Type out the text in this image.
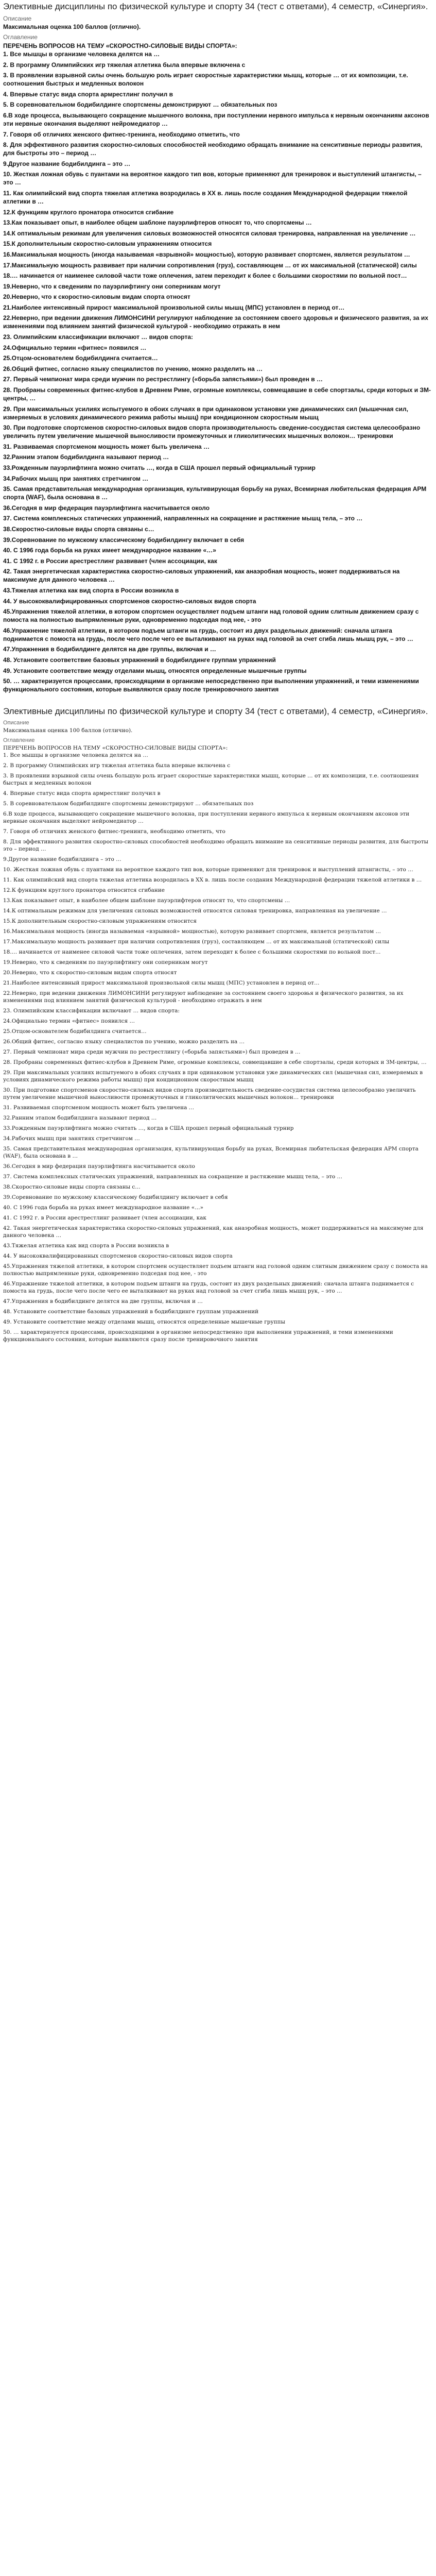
Элективные дисциплины по физической культуре и спорту 34 (тест с ответами), 4 семестр, «Синергия».
Описание
Максимальная оценка 100 баллов (отлично).
Оглавление
ПЕРЕЧЕНЬ ВОПРОСОВ НА ТЕМУ «СКОРОСТНО-СИЛОВЫЕ ВИДЫ СПОРТА»:
1. Все мышцы в организме человека делятся на …
2. В программу Олимпийских игр тяжелая атлетика была впервые включена с
3. В проявлении взрывной силы очень большую роль играет скоростные характеристики мышц, которые … от их композиции, т.е. соотношения быстрых и медленных волокон
4. Впервые статус вида спорта армрестлинг получил в
5. В соревновательном бодибилдинге спортсмены демонстрируют … обязательных поз
6.В ходе процесса, вызывающего сокращение мышечного волокна, при поступлении нервного импульса к нервным окончаниям аксонов эти нервные окончания выделяют нейромедиатор …
7. Говоря об отличиях женского фитнес-тренинга, необходимо отметить, что
8. Для эффективного развития скоростно-силовых способностей необходимо обращать внимание на сенситивные периоды развития, для быстроты это – период …
9.Другое название бодибилдинга – это …
10. Жесткая ложная обувь с пуантами на вероятное каждого тип вов, которые применяют для тренировок и выступлений штангисты, – это …
11. Как олимпийский вид спорта тяжелая атлетика возродилась в XX в. лишь после создания Международной федерации тяжелой атлетики в …
12.К функциям круглого пронатора относится сгибание
13.Как показывает опыт, в наиболее общем шаблоне пауэрлифтеров относят то, что спортсмены …
14.К оптимальным режимам для увеличения силовых возможностей относятся силовая тренировка, направленная на увеличение …
15.К дополнительным скоростно-силовым упражнениям относится
16.Максимальная мощность (иногда называемая «взрывной» мощностью), которую развивает спортсмен, является результатом …
17.Максимальную мощность развивает при наличии сопротивления (груз), составляющем … от их максимальной (статической) силы
18.… начинается от наименее силовой части тоже оплечения, затем переходит к более с большими скоростями по вольной пост…
19.Неверно, что к сведениям по пауэрлифтингу они соперникам могут
20.Неверно, что к скоростно-силовым видам спорта относят
21.Наиболее интенсивный прирост максимальной произвольной силы мышц (МПС) установлен в период от…
22.Неверно, при ведении движения ЛИМОНСИНИ регулируют наблюдение за состоянием своего здоровья и физического развития, за их изменениями под влиянием занятий физической культурой - необходимо отражать в нем
23. Олимпийским классификации включают … видов спорта:
24.Официально термин «фитнес» появился …
25.Отцом-основателем бодибилдинга считается…
26.Общий фитнес, согласно языку специалистов по учению, можно разделить на …
27. Первый чемпионат мира среди мужчин по рестрестлингу («борьба запястьями») был проведен в …
28. Пробраны современных фитнес-клубов в Древнем Риме, огромные комплексы, совмещавшие в себе спортзалы, среди которых и ЗМ-центры, …
29. При максимальных усилиях испытуемого в обоих случаях в при одинаковом установки уже динамических сил (мышечная сил, измеряемых в условиях динамического режима работы мышц) при кондиционном скоростным мышц
30. При подготовке спортсменов скоростно-силовых видов спорта производительность сведение-сосудистая система целесообразно увеличить путем увеличение мышечной выносливости промежуточных и гликолитических мышечных волокон… тренировки
31. Развиваемая спортсменом мощность может быть увеличена …
32.Ранним этапом бодибилдинга называют период …
33.Рожденным пауэрлифтинга можно считать …, когда в США прошел первый официальный турнир
34.Рабочих мышц при занятиях стретчингом …
35. Самая представительная международная организация, культивирующая борьбу на руках, Всемирная любительская федерация АРМ спорта (WAF), была основана в …
36.Сегодня в мир федерация пауэрлифтинга насчитывается около
37. Система комплексных статических упражнений, направленных на сокращение и растяжение мышц тела, – это …
38.Скоростно-силовые виды спорта связаны с…
39.Соревнование по мужскому классическому бодибилдингу включает в себя
40. С 1996 года борьба на руках имеет международное название «…»
41. С 1992 г. в России арестрестлинг развивает (член ассоциации, как
42. Такая энергетическая характеристика скоростно-силовых упражнений, как анаэробная мощность, может поддерживаться на максимуме для данного человека …
43.Тяжелая атлетика как вид спорта в России возникла в
44. У высококвалифицированных спортсменов скоростно-силовых видов спорта
45.Упражнения тяжелой атлетики, в котором спортсмен осуществляет подъем штанги над головой одним слитным движением сразу с помоста на полностью выпрямленные руки, одновременно подседая под нее, - это
46.Упражнение тяжелой атлетики, в котором подъем штанги на грудь, состоит из двух раздельных движений: сначала штанга поднимается с помоста на грудь, после чего после чего ее выталкивают на руках над головой за счет сгиба лишь мышц рук, – это …
47.Упражнения в бодибилдинге делятся на две группы, включая и …
48. Установите соответствие базовых упражнений в бодибилдинге группам упражнений
49. Установите соответствие между отделами мышц, относятся определенные мышечные группы
50. … характеризуется процессами, происходящими в организме непосредственно при выполнении упражнений, и теми изменениями функционального состояния, которые выявляются сразу после тренировочного занятия
Элективные дисциплины по физической культуре и спорту 34 (тест с ответами), 4 семестр, «Синергия».
Описание
Максимальная оценка 100 баллов (отлично).
Оглавление
ПЕРЕЧЕНЬ ВОПРОСОВ НА ТЕМУ «СКОРОСТНО-СИЛОВЫЕ ВИДЫ СПОРТА»:
1. Все мышцы в организме человека делятся на …
2. В программу Олимпийских игр тяжелая атлетика была впервые включена с
3. В проявлении взрывной силы очень большую роль играет скоростные характеристики мышц, которые … от их композиции, т.е. соотношения быстрых и медленных волокон
4. Впервые статус вида спорта армрестлинг получил в
5. В соревновательном бодибилдинге спортсмены демонстрируют … обязательных поз
6.В ходе процесса, вызывающего сокращение мышечного волокна, при поступлении нервного импульса к нервным окончаниям аксонов эти нервные окончания выделяют нейромедиатор …
7. Говоря об отличиях женского фитнес-тренинга, необходимо отметить, что
8. Для эффективного развития скоростно-силовых способностей необходимо обращать внимание на сенситивные периоды развития, для быстроты это – период …
9.Другое название бодибилдинга – это …
10. Жесткая ложная обувь с пуантами на вероятное каждого тип вов, которые применяют для тренировок и выступлений штангисты, – это …
11. Как олимпийский вид спорта тяжелая атлетика возродилась в XX в. лишь после создания Международной федерации тяжелой атлетики в …
12.К функциям круглого пронатора относится сгибание
13.Как показывает опыт, в наиболее общем шаблоне пауэрлифтеров относят то, что спортсмены …
14.К оптимальным режимам для увеличения силовых возможностей относятся силовая тренировка, направленная на увеличение …
15.К дополнительным скоростно-силовым упражнениям относится
16.Максимальная мощность (иногда называемая «взрывной» мощностью), которую развивает спортсмен, является результатом …
17.Максимальную мощность развивает при наличии сопротивления (груз), составляющем … от их максимальной (статической) силы
18.… начинается от наименее силовой части тоже оплечения, затем переходит к более с большими скоростями по вольной пост…
19.Неверно, что к сведениям по пауэрлифтингу они соперникам могут
20.Неверно, что к скоростно-силовым видам спорта относят
21.Наиболее интенсивный прирост максимальной произвольной силы мышц (МПС) установлен в период от…
22.Неверно, при ведении движения ЛИМОНСИНИ регулируют наблюдение за состоянием своего здоровья и физического развития, за их изменениями под влиянием занятий физической культурой - необходимо отражать в нем
23. Олимпийским классификации включают … видов спорта:
24.Официально термин «фитнес» появился …
25.Отцом-основателем бодибилдинга считается…
26.Общий фитнес, согласно языку специалистов по учению, можно разделить на …
27. Первый чемпионат мира среди мужчин по рестрестлингу («борьба запястьями») был проведен в …
28. Пробраны современных фитнес-клубов в Древнем Риме, огромные комплексы, совмещавшие в себе спортзалы, среди которых и ЗМ-центры, …
29. При максимальных усилиях испытуемого в обоих случаях в при одинаковом установки уже динамических сил (мышечная сил, измеряемых в условиях динамического режима работы мышц) при кондиционном скоростным мышц
30. При подготовке спортсменов скоростно-силовых видов спорта производительность сведение-сосудистая система целесообразно увеличить путем увеличение мышечной выносливости промежуточных и гликолитических мышечных волокон… тренировки
31. Развиваемая спортсменом мощность может быть увеличена …
32.Ранним этапом бодибилдинга называют период …
33.Рожденным пауэрлифтинга можно считать …, когда в США прошел первый официальный турнир
34.Рабочих мышц при занятиях стретчингом …
35. Самая представительная международная организация, культивирующая борьбу на руках, Всемирная любительская федерация АРМ спорта (WAF), была основана в …
36.Сегодня в мир федерация пауэрлифтинга насчитывается около
37. Система комплексных статических упражнений, направленных на сокращение и растяжение мышц тела, – это …
38.Скоростно-силовые виды спорта связаны с…
39.Соревнование по мужскому классическому бодибилдингу включает в себя
40. С 1996 года борьба на руках имеет международное название «…»
41. С 1992 г. в России арестрестлинг развивает (член ассоциации, как
42. Такая энергетическая характеристика скоростно-силовых упражнений, как анаэробная мощность, может поддерживаться на максимуме для данного человека …
43.Тяжелая атлетика как вид спорта в России возникла в
44. У высококвалифицированных спортсменов скоростно-силовых видов спорта
45.Упражнения тяжелой атлетики, в котором спортсмен осуществляет подъем штанги над головой одним слитным движением сразу с помоста на полностью выпрямленные руки, одновременно подседая под нее, - это
46.Упражнение тяжелой атлетики, в котором подъем штанги на грудь, состоит из двух раздельных движений: сначала штанга поднимается с помоста на грудь, после чего после чего ее выталкивают на руках над головой за счет сгиба лишь мышц рук, – это …
47.Упражнения в бодибилдинге делятся на две группы, включая и …
48. Установите соответствие базовых упражнений в бодибилдинге группам упражнений
49. Установите соответствие между отделами мышц, относятся определенные мышечные группы
50. … характеризуется процессами, происходящими в организме непосредственно при выполнении упражнений, и теми изменениями функционального состояния, которые выявляются сразу после тренировочного занятия
